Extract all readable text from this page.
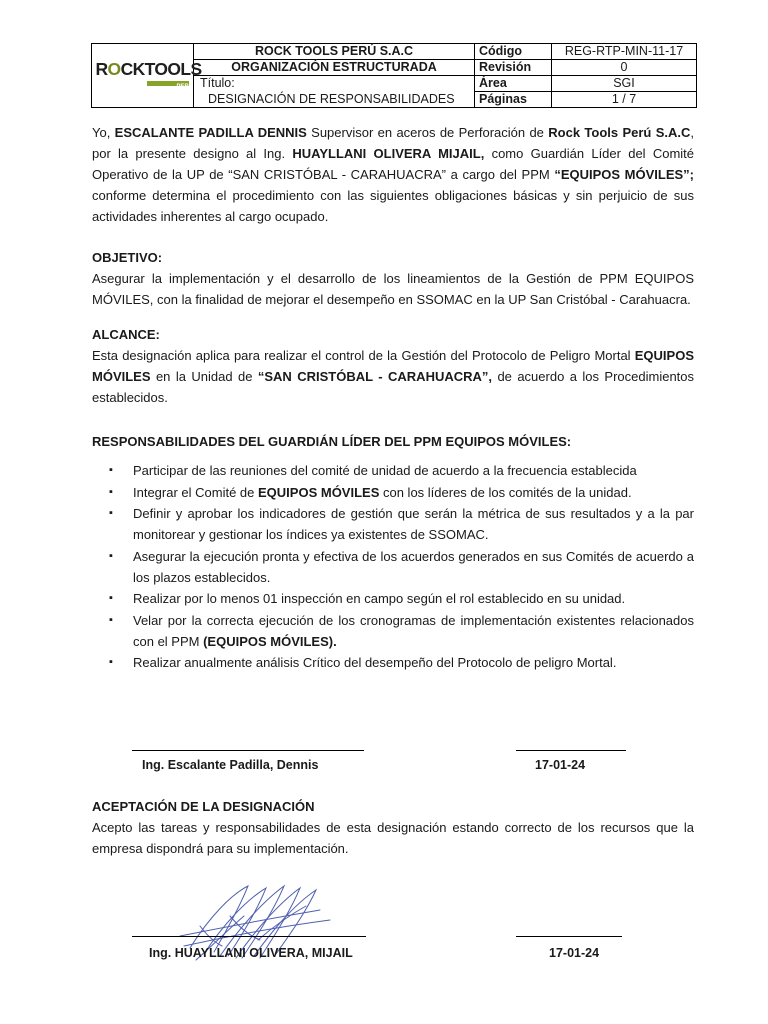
ROCKTOOLS
PERU	ROCK TOOLS PERÚ S.A.C	Código	REG-RTP-MIN-11-17
	ORGANIZACIÓN ESTRUCTURADA	Revisión	0
	Título:	Área	SGI
	DESIGNACIÓN DE RESPONSABILIDADES	Páginas	1 / 7

Yo, ESCALANTE PADILLA DENNIS Supervisor en aceros de Perforación de Rock Tools Perú S.A.C, por la presente designo al Ing. HUAYLLANI OLIVERA MIJAIL, como Guardián Líder del Comité Operativo de la UP de “SAN CRISTÓBAL - CARAHUACRA” a cargo del PPM “EQUIPOS MÓVILES”; conforme determina el procedimiento con las siguientes obligaciones básicas y sin perjuicio de sus actividades inherentes al cargo ocupado.

OBJETIVO:

Asegurar la implementación y el desarrollo de los lineamientos de la Gestión de PPM EQUIPOS MÓVILES, con la finalidad de mejorar el desempeño en SSOMAC en la UP San Cristóbal - Carahuacra.

ALCANCE:

Esta designación aplica para realizar el control de la Gestión del Protocolo de Peligro Mortal EQUIPOS MÓVILES en la Unidad de “SAN CRISTÓBAL - CARAHUACRA”, de acuerdo a los Procedimientos establecidos.

RESPONSABILIDADES DEL GUARDIÁN LÍDER DEL PPM EQUIPOS MÓVILES:

▪ Participar de las reuniones del comité de unidad de acuerdo a la frecuencia establecida
▪ Integrar el Comité de EQUIPOS MÓVILES con los líderes de los comités de la unidad.
▪ Definir y aprobar los indicadores de gestión que serán la métrica de sus resultados y a la par monitorear y gestionar los índices ya existentes de SSOMAC.
▪ Asegurar la ejecución pronta y efectiva de los acuerdos generados en sus Comités de acuerdo a los plazos establecidos.
▪ Realizar por lo menos 01 inspección en campo según el rol establecido en su unidad.
▪ Velar por la correcta ejecución de los cronogramas de implementación existentes relacionados con el PPM (EQUIPOS MÓVILES).
▪ Realizar anualmente análisis Crítico del desempeño del Protocolo de peligro Mortal.
Ing. Escalante Padilla, Dennis	17-01-24

ACEPTACIÓN DE LA DESIGNACIÓN

Acepto las tareas y responsabilidades de esta designación estando correcto de los recursos que la empresa dispondrá para su implementación.

Ing. HUAYLLANI OLIVERA, MIJAIL	17-01-24
